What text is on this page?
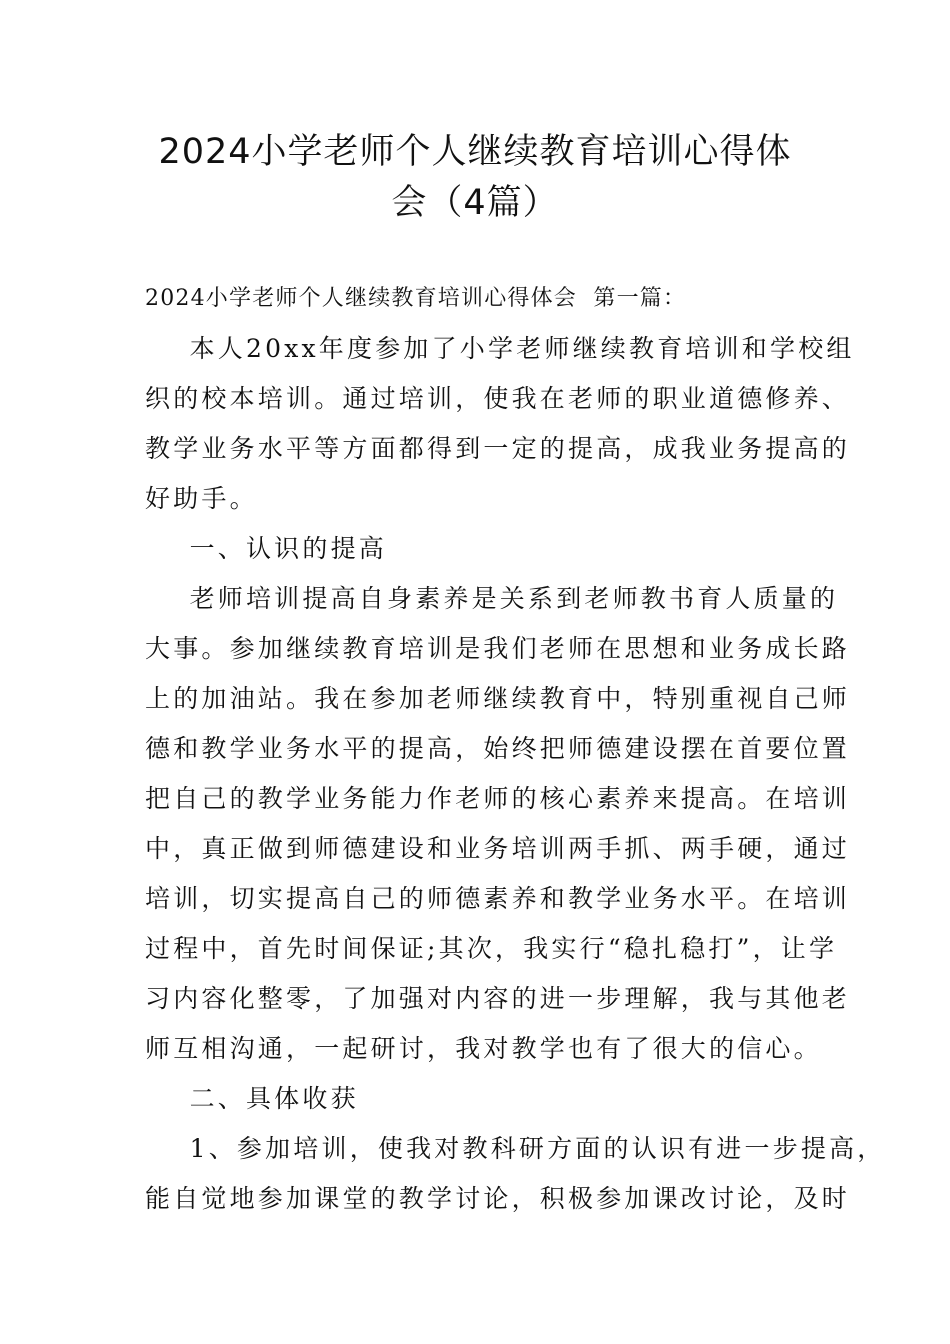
2024小学老师个人继续教育培训心得体
会（4篇）
2024小学老师个人继续教育培训心得体会  第一篇：
本人20xx年度参加了小学老师继续教育培训和学校组
织的校本培训。通过培训，使我在老师的职业道德修养、
教学业务水平等方面都得到一定的提高，成我业务提高的
好助手。
一、认识的提高
老师培训提高自身素养是关系到老师教书育人质量的
大事。参加继续教育培训是我们老师在思想和业务成长路
上的加油站。我在参加老师继续教育中，特别重视自己师
德和教学业务水平的提高，始终把师德建设摆在首要位置
把自己的教学业务能力作老师的核心素养来提高。在培训
中，真正做到师德建设和业务培训两手抓、两手硬，通过
培训，切实提高自己的师德素养和教学业务水平。在培训
过程中，首先时间保证;其次，我实行“稳扎稳打”，让学
习内容化整零，了加强对内容的进一步理解，我与其他老
师互相沟通，一起研讨，我对教学也有了很大的信心。
二、具体收获
1、参加培训，使我对教科研方面的认识有进一步提高，
能自觉地参加课堂的教学讨论，积极参加课改讨论，及时
